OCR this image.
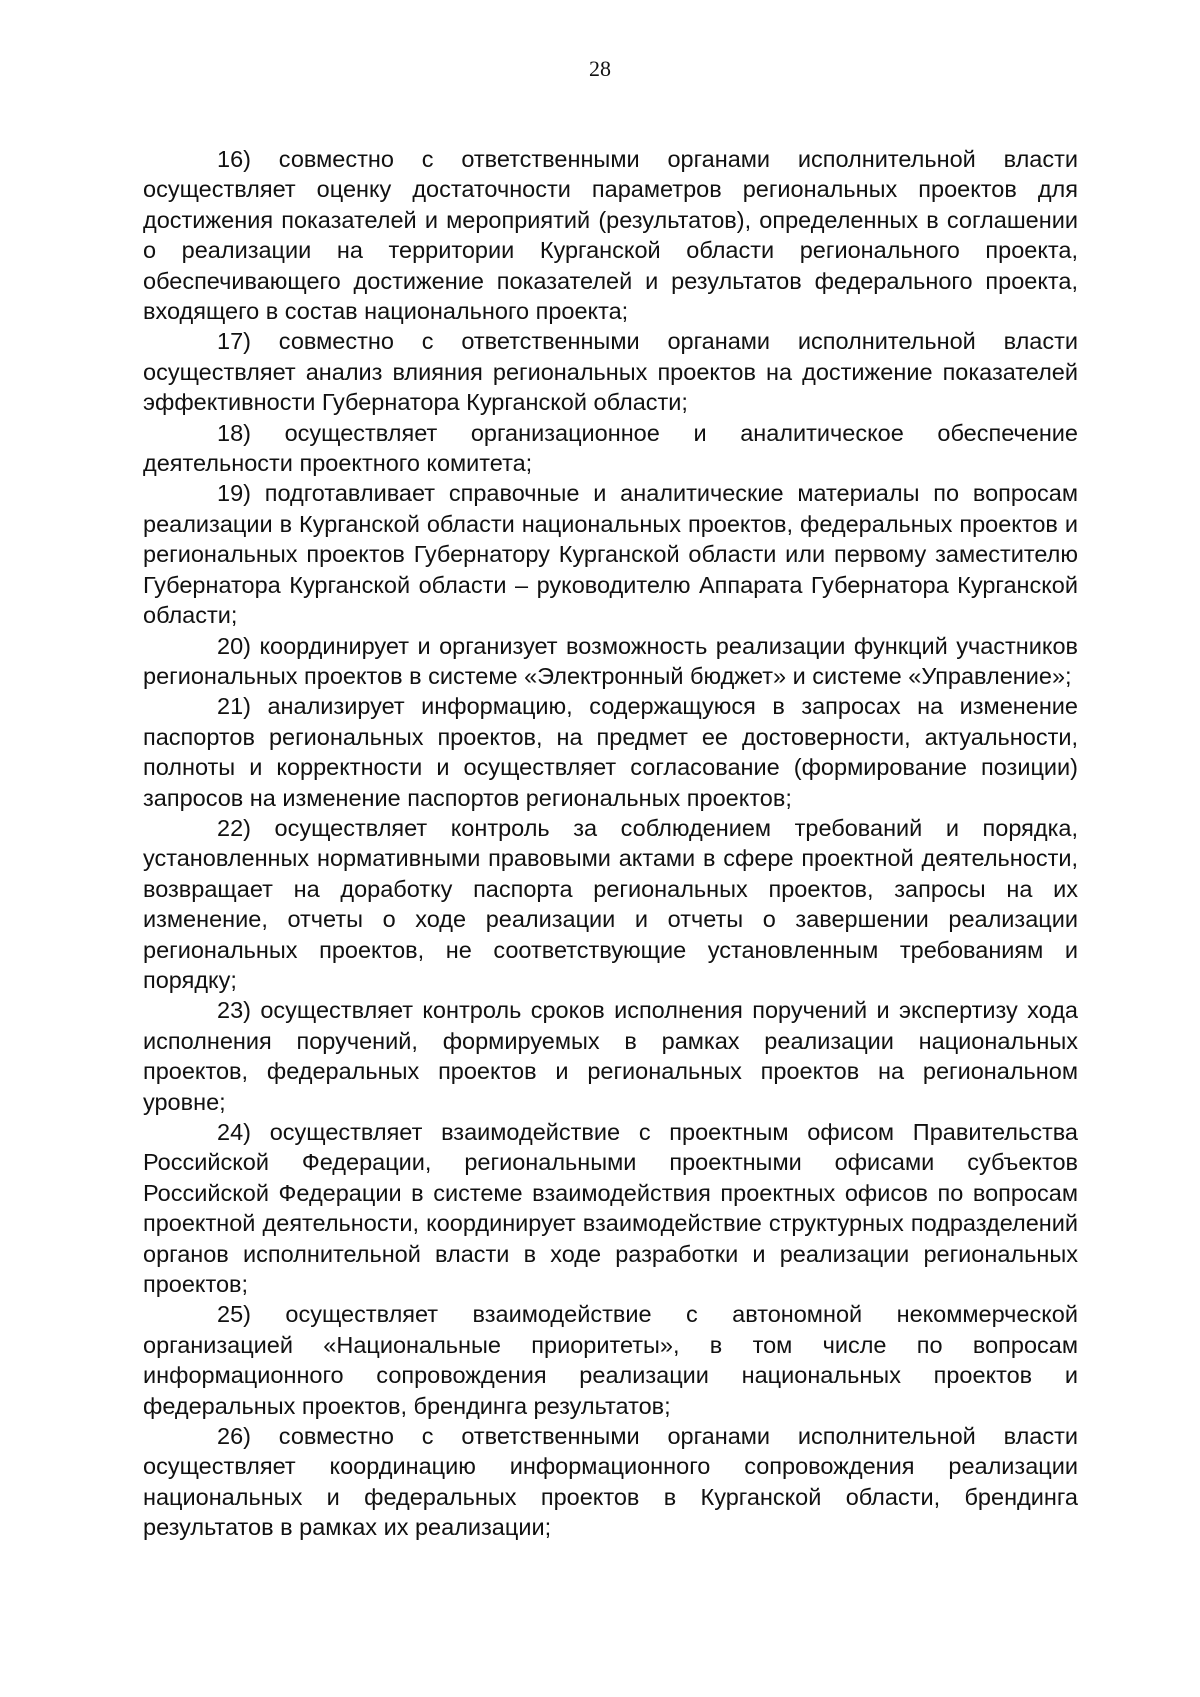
28

16) совместно с ответственными органами исполнительной власти осуществляет оценку достаточности параметров региональных проектов для достижения показателей и мероприятий (результатов), определенных в соглашении о реализации на территории Курганской области регионального проекта, обеспечивающего достижение показателей и результатов федерального проекта, входящего в состав национального проекта;

17) совместно с ответственными органами исполнительной власти осуществляет анализ влияния региональных проектов на достижение показателей эффективности Губернатора Курганской области;

18) осуществляет организационное и аналитическое обеспечение деятельности проектного комитета;

19) подготавливает справочные и аналитические материалы по вопросам реализации в Курганской области национальных проектов, федеральных проектов и региональных проектов Губернатору Курганской области или первому заместителю Губернатора Курганской области – руководителю Аппарата Губернатора Курганской области;

20) координирует и организует возможность реализации функций участников региональных проектов в системе «Электронный бюджет» и системе «Управление»;

21) анализирует информацию, содержащуюся в запросах на изменение паспортов региональных проектов, на предмет ее достоверности, актуальности, полноты и корректности и осуществляет согласование (формирование позиции) запросов на изменение паспортов региональных проектов;

22) осуществляет контроль за соблюдением требований и порядка, установленных нормативными правовыми актами в сфере проектной деятельности, возвращает на доработку паспорта региональных проектов, запросы на их изменение, отчеты о ходе реализации и отчеты о завершении реализации региональных проектов, не соответствующие установленным требованиям и порядку;

23) осуществляет контроль сроков исполнения поручений и экспертизу хода исполнения поручений, формируемых в рамках реализации национальных проектов, федеральных проектов и региональных проектов на региональном уровне;

24) осуществляет взаимодействие с проектным офисом Правительства Российской Федерации, региональными проектными офисами субъектов Российской Федерации в системе взаимодействия проектных офисов по вопросам проектной деятельности, координирует взаимодействие структурных подразделений органов исполнительной власти в ходе разработки и реализации региональных проектов;

25) осуществляет взаимодействие с автономной некоммерческой организацией «Национальные приоритеты», в том числе по вопросам информационного сопровождения реализации национальных проектов и федеральных проектов, брендинга результатов;

26) совместно с ответственными органами исполнительной власти осуществляет координацию информационного сопровождения реализации национальных и федеральных проектов в Курганской области, брендинга результатов в рамках их реализации;
